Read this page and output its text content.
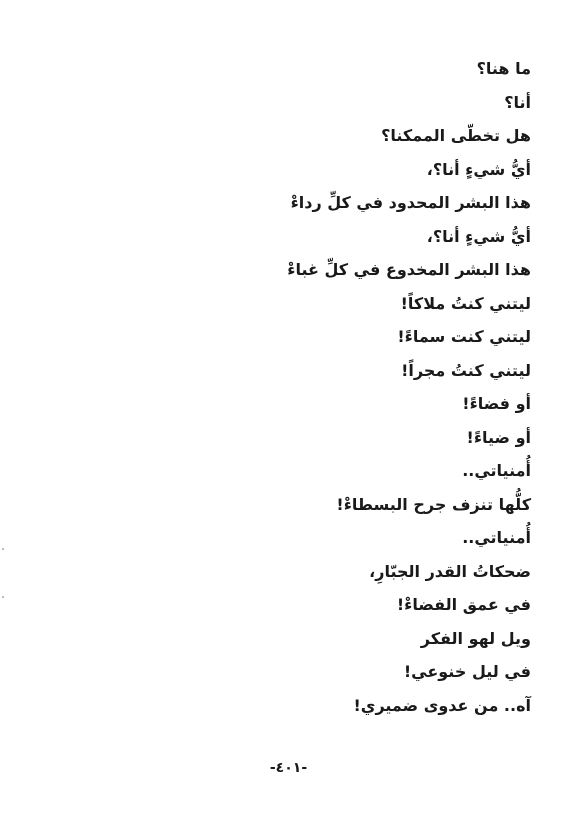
ما هنا؟
أنا؟
هل تخطّى الممكنا؟
أيُّ شيءٍ أنا؟،
هذا البشر المحدود في كلِّ رداءْ
أيُّ شيءٍ أنا؟،
هذا البشر المخدوع في كلِّ غباءْ
ليتني كنتُ ملاكاً!
ليتني كنت سماءً!
ليتني كنتُ مجراً!
أو فضاءً!
أو ضياءً!
أُمنياتي..
كلُّها تنزف جرح البسطاءْ!
أُمنياتي..
ضحكاتُ القدر الجبّارِ،
في عمق الفضاءْ!
ويل لهو الفكر
في ليل خنوعي!
آه.. من عدوى ضميري!
-٤٠١-
